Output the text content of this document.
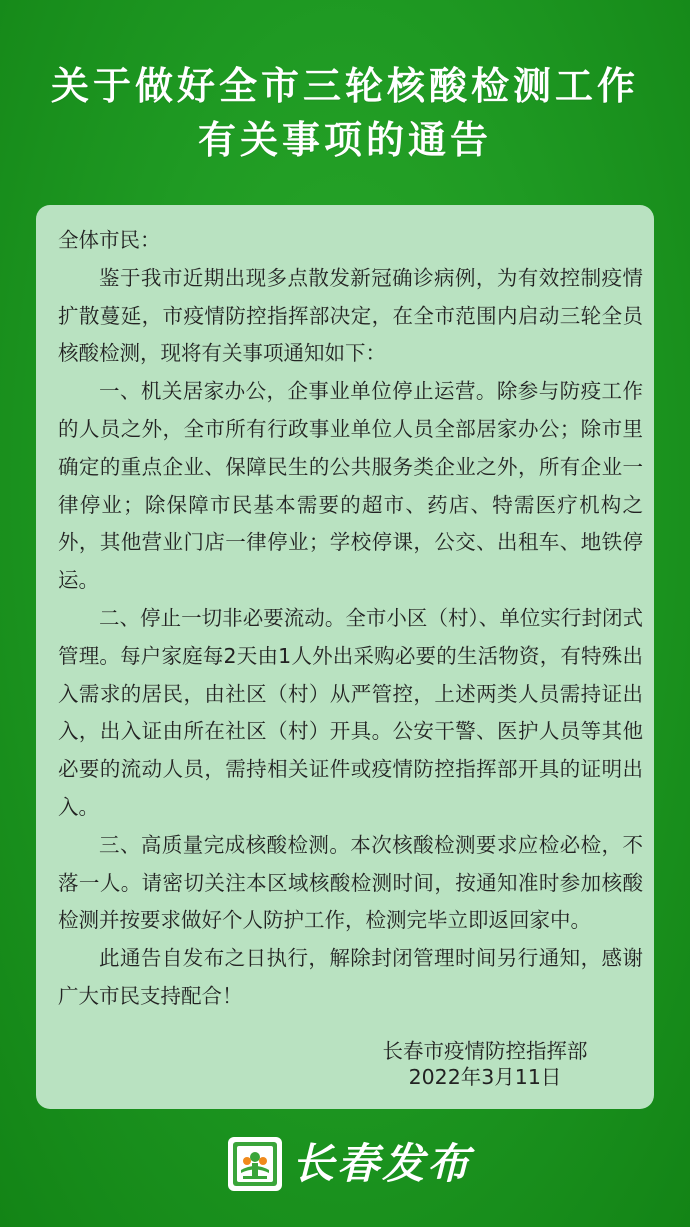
关于做好全市三轮核酸检测工作
有关事项的通告

全体市民：

鉴于我市近期出现多点散发新冠确诊病例，为有效控制疫情扩散蔓延，市疫情防控指挥部决定，在全市范围内启动三轮全员核酸检测，现将有关事项通知如下：

一、机关居家办公，企事业单位停止运营。除参与防疫工作的人员之外，全市所有行政事业单位人员全部居家办公；除市里确定的重点企业、保障民生的公共服务类企业之外，所有企业一律停业；除保障市民基本需要的超市、药店、特需医疗机构之外，其他营业门店一律停业；学校停课，公交、出租车、地铁停运。

二、停止一切非必要流动。全市小区（村）、单位实行封闭式管理。每户家庭每2天由1人外出采购必要的生活物资，有特殊出入需求的居民，由社区（村）从严管控，上述两类人员需持证出入，出入证由所在社区（村）开具。公安干警、医护人员等其他必要的流动人员，需持相关证件或疫情防控指挥部开具的证明出入。

三、高质量完成核酸检测。本次核酸检测要求应检必检，不落一人。请密切关注本区域核酸检测时间，按通知准时参加核酸检测并按要求做好个人防护工作，检测完毕立即返回家中。

此通告自发布之日执行，解除封闭管理时间另行通知，感谢广大市民支持配合！

长春市疫情防控指挥部
2022年3月11日
长春发布
